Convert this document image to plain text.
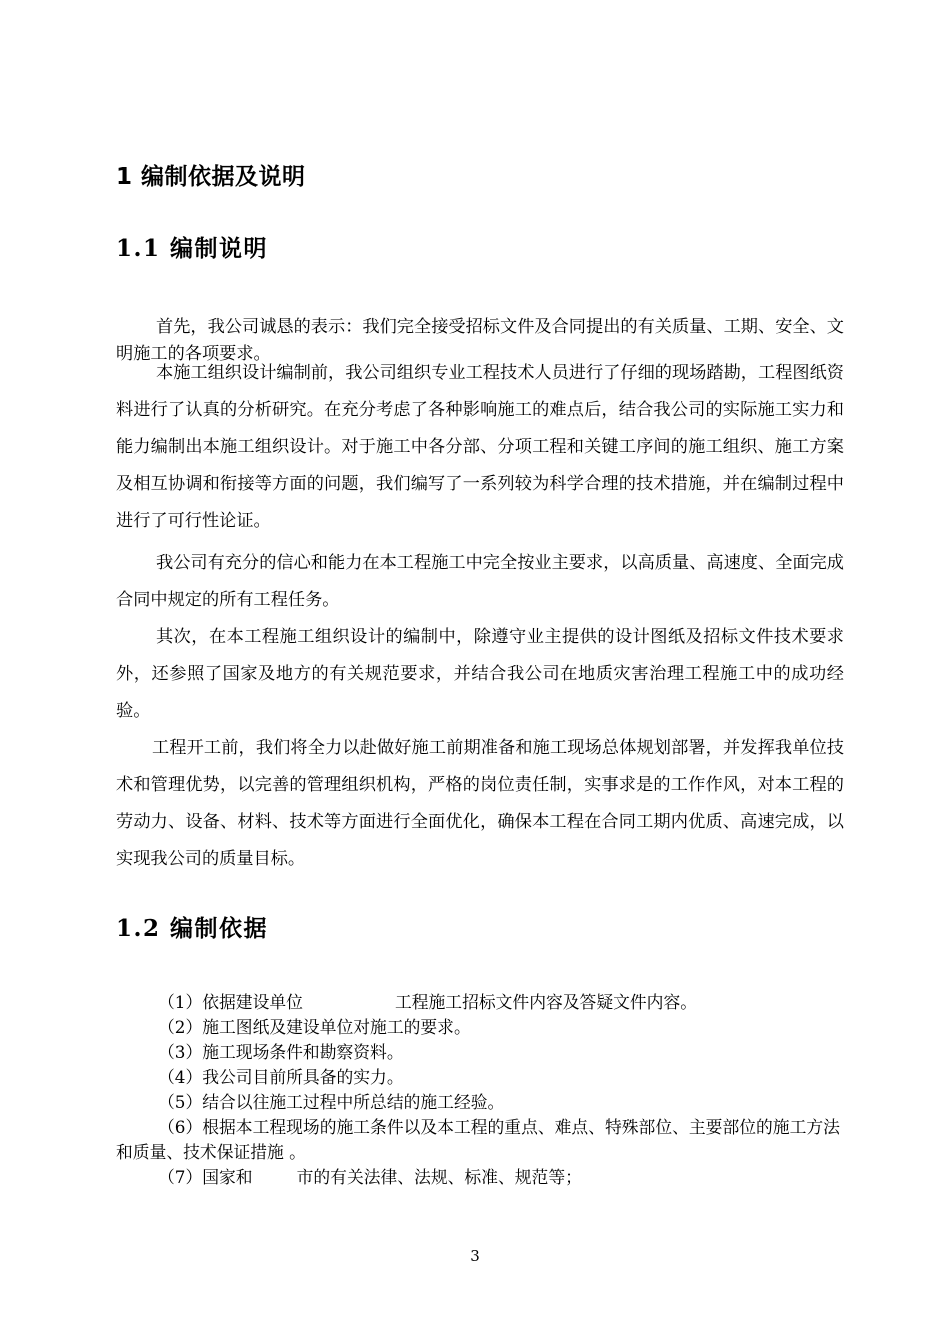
1 编制依据及说明
1.1 编制说明

首先，我公司诚恳的表示：我们完全接受招标文件及合同提出的有关质量、工期、安全、文明施工的各项要求。

本施工组织设计编制前，我公司组织专业工程技术人员进行了仔细的现场踏勘，工程图纸资料进行了认真的分析研究。在充分考虑了各种影响施工的难点后，结合我公司的实际施工实力和能力编制出本施工组织设计。对于施工中各分部、分项工程和关键工序间的施工组织、施工方案及相互协调和衔接等方面的问题，我们编写了一系列较为科学合理的技术措施，并在编制过程中进行了可行性论证。

我公司有充分的信心和能力在本工程施工中完全按业主要求，以高质量、高速度、全面完成合同中规定的所有工程任务。

其次，在本工程施工组织设计的编制中，除遵守业主提供的设计图纸及招标文件技术要求外，还参照了国家及地方的有关规范要求，并结合我公司在地质灾害治理工程施工中的成功经验。

工程开工前，我们将全力以赴做好施工前期准备和施工现场总体规划部署，并发挥我单位技术和管理优势，以完善的管理组织机构，严格的岗位责任制，实事求是的工作作风，对本工程的劳动力、设备、材料、技术等方面进行全面优化，确保本工程在合同工期内优质、高速完成，以实现我公司的质量目标。

1.2 编制依据
（1）依据建设单位	工程施工招标文件内容及答疑文件内容。
（2）施工图纸及建设单位对施工的要求。
（3）施工现场条件和勘察资料。
（4）我公司目前所具备的实力。
（5）结合以往施工过程中所总结的施工经验。
（6）根据本工程现场的施工条件以及本工程的重点、难点、特殊部位、主要部位的施工方法和质量、技术保证措施 。
（7）国家和	市的有关法律、法规、标准、规范等；
3
